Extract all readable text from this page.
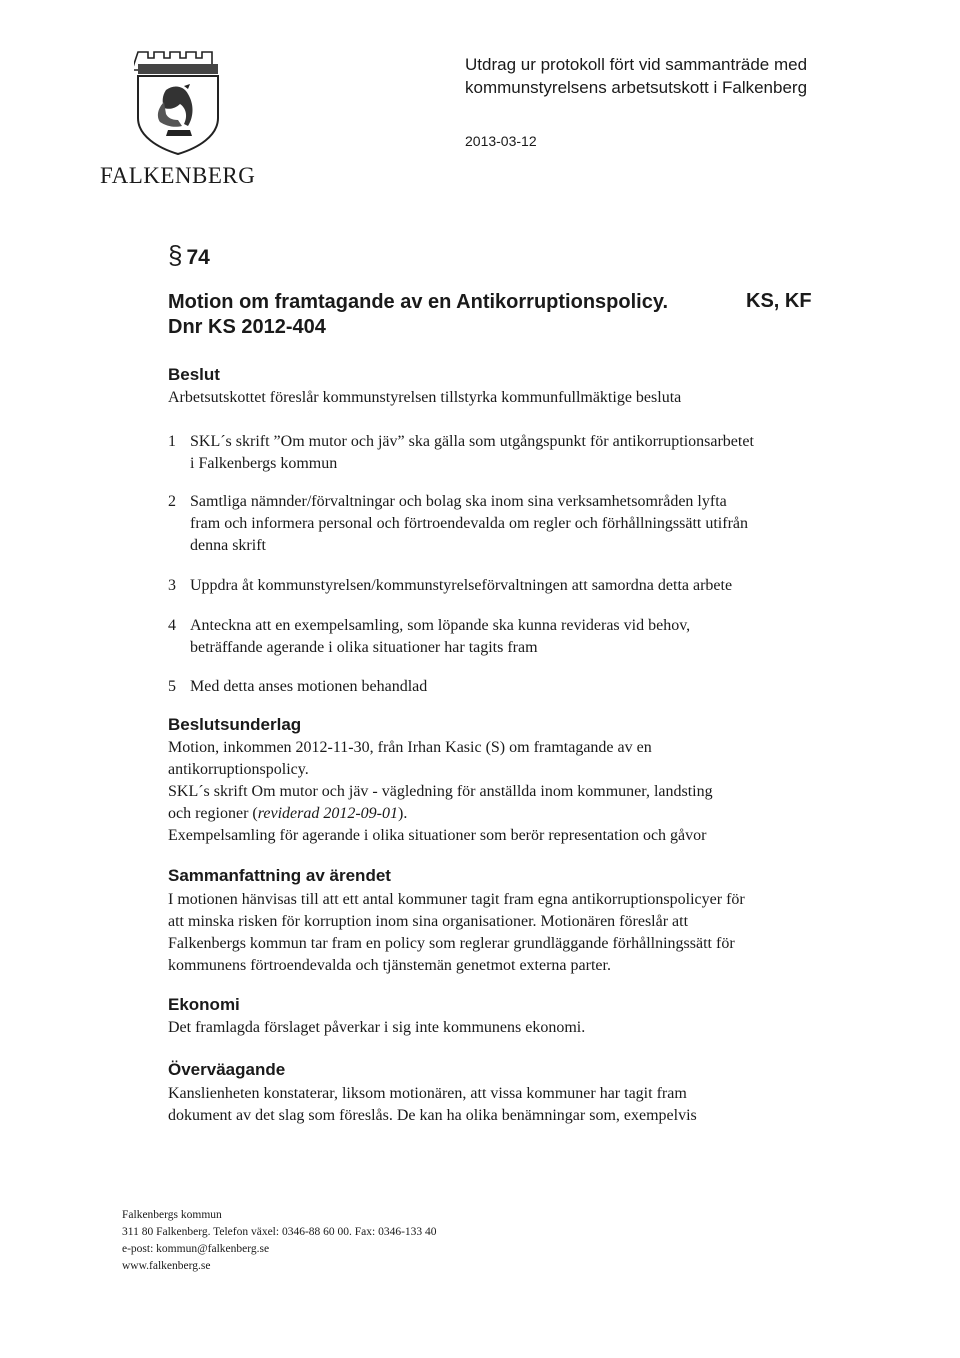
FALKENBERG
Utdrag ur protokoll fört vid sammanträde med
kommunstyrelsens arbetsutskott i Falkenberg
2013-03-12
§ 74
Motion om framtagande av en Antikorruptionspolicy.	KS, KF
Dnr KS 2012-404
Beslut
Arbetsutskottet föreslår kommunstyrelsen tillstyrka kommunfullmäktige besluta
1 SKL´s skrift ”Om mutor och jäv” ska gälla som utgångspunkt för antikorruptionsarbetet
i Falkenbergs kommun
2 Samtliga nämnder/förvaltningar och bolag ska inom sina verksamhetsområden lyfta
fram och informera personal och förtroendevalda om regler och förhållningssätt utifrån
denna skrift
3 Uppdra åt kommunstyrelsen/kommunstyrelseförvaltningen att samordna detta arbete
4 Anteckna att en exempelsamling, som löpande ska kunna revideras vid behov,
beträffande agerande i olika situationer har tagits fram
5 Med detta anses motionen behandlad
Beslutsunderlag
Motion, inkommen 2012-11-30, från Irhan Kasic (S) om framtagande av en
antikorruptionspolicy.
SKL´s skrift Om mutor och jäv - vägledning för anställda inom kommuner, landsting
och regioner (reviderad 2012-09-01).
Exempelsamling för agerande i olika situationer som berör representation och gåvor
Sammanfattning av ärendet
I motionen hänvisas till att ett antal kommuner tagit fram egna antikorruptionspolicyer för
att minska risken för korruption inom sina organisationer. Motionären föreslår att
Falkenbergs kommun tar fram en policy som reglerar grundläggande förhållningssätt för
kommunens förtroendevalda och tjänstemän genetmot externa parter.
Ekonomi
Det framlagda förslaget påverkar i sig inte kommunens ekonomi.
Överväagande
Kanslienheten konstaterar, liksom motionären, att vissa kommuner har tagit fram
dokument av det slag som föreslås. De kan ha olika benämningar som, exempelvis
Falkenbergs kommun
311 80 Falkenberg. Telefon växel: 0346-88 60 00. Fax: 0346-133 40
e-post: kommun@falkenberg.se
www.falkenberg.se
